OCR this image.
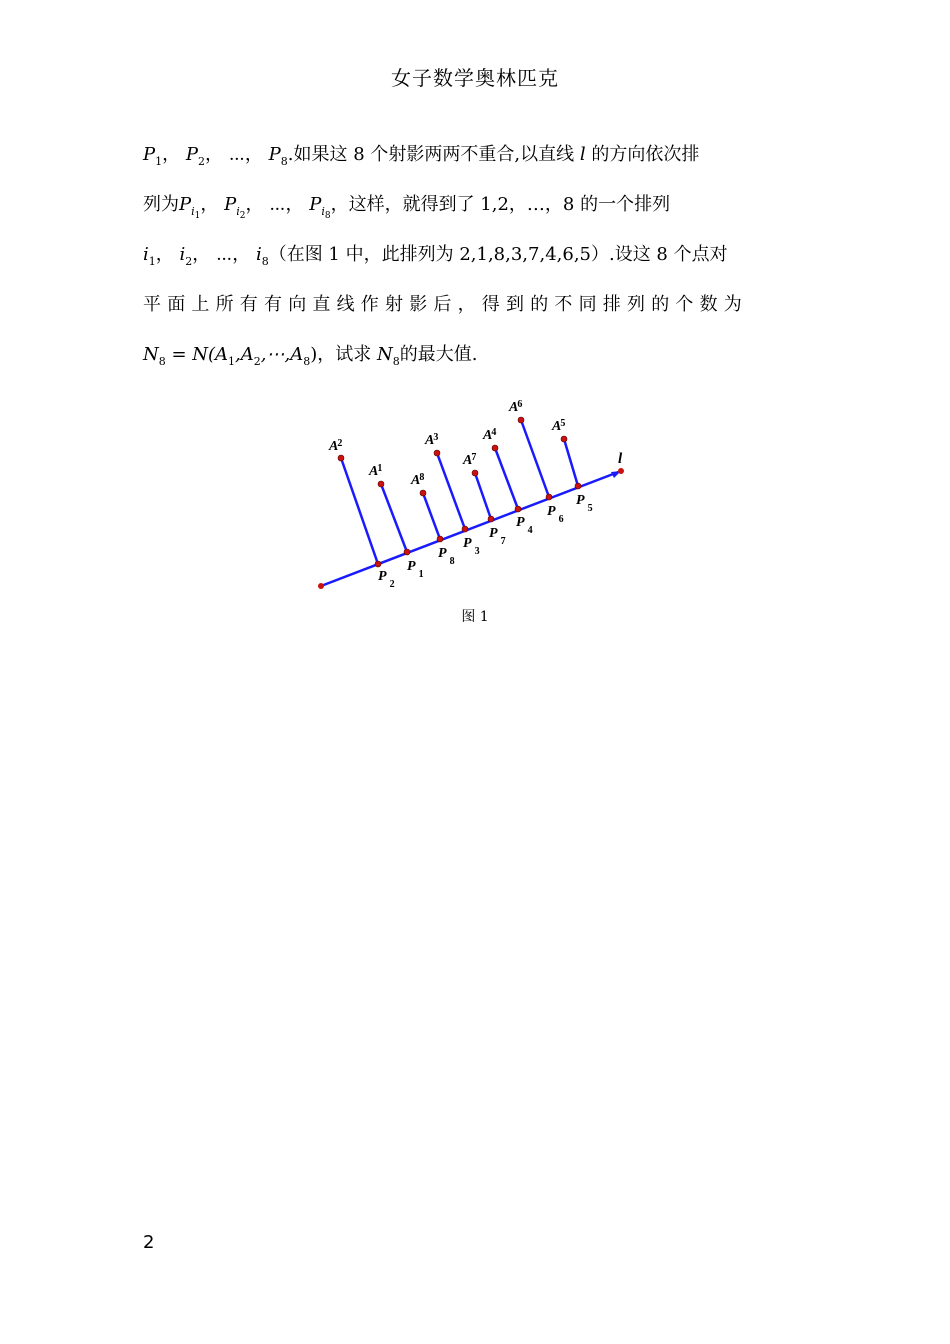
女子数学奥林匹克
$P_1$， $P_2$， ⋯， $P_8$.如果这 8 个射影两两不重合,以直线 l 的方向依次排
列为$P_{i_1}$， $P_{i_2}$， ⋯， $P_{i_8}$，这样，就得到了 1,2，…，8 的一个排列
$i_1$， $i_2$， ⋯， $i_8$（在图 1 中，此排列为 2,1,8,3,7,4,6,5）.设这 8 个点对
平面上所有有向直线作射影后，得到的不同排列的个数为
$N_8$ = $N(A_1,A_2,\cdots,A_8)$，试求 $N_8$的最大值.
l
A2
$P_2$
A1
$P_1$
A8
$P_8$
A3
$P_3$
A7
$P_7$
A4
$P_4$
A6
$P_6$
A5
$P_5$
图 1
2
